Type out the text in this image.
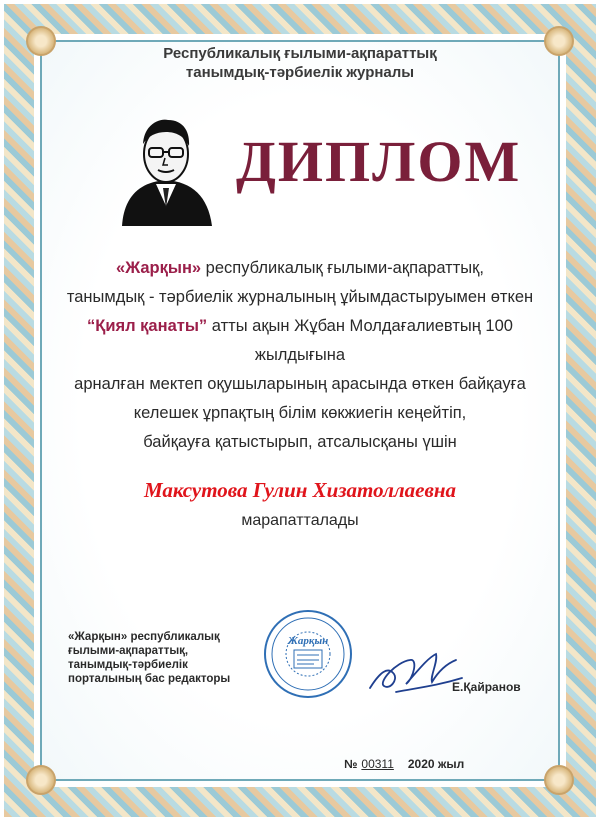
Республикалық ғылыми-ақпараттық
танымдық-тәрбиелік журналы
ДИПЛОМ
«Жарқын» республикалық ғылыми-ақпараттық,
танымдық - тәрбиелік журналының ұйымдастыруымен өткен
“Қиял қанаты” атты ақын Жұбан Молдағалиевтың 100 жылдығына
арналған мектеп оқушыларының арасында өткен байқауға
келешек ұрпақтың білім көкжиегін кеңейтіп,
байқауға қатыстырып, атсалысқаны үшін
Максутова Гулин Хизатоллаевна
марапатталады
«Жарқын» республикалық
ғылыми-ақпараттық,
танымдық-тәрбиелік
порталының бас редакторы
Жарқын
Е.Қайранов
№ 00311 2020 жыл
